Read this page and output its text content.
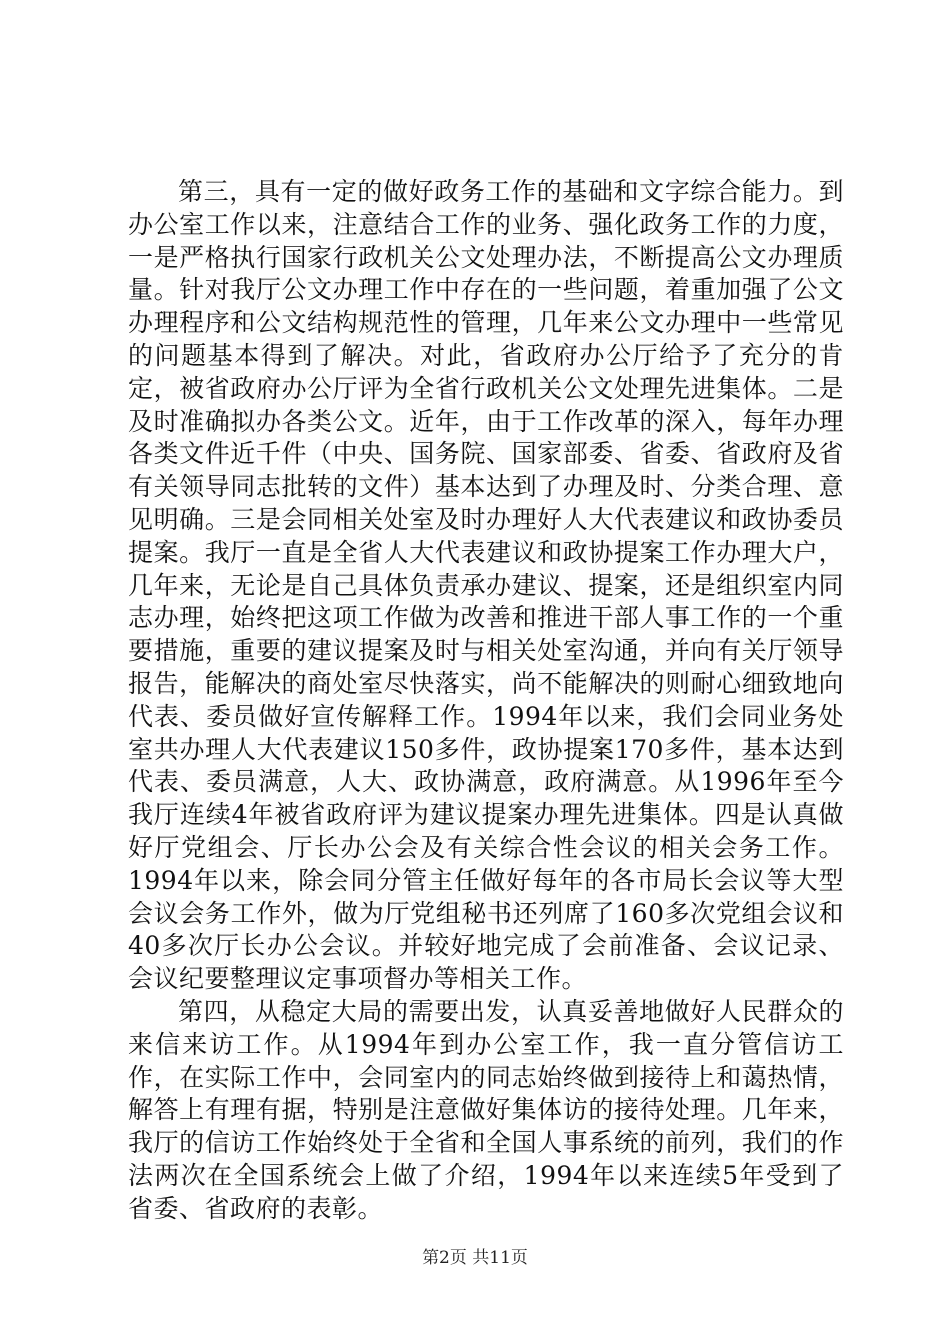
第三，具有一定的做好政务工作的基础和文字综合能力。到办公室工作以来，注意结合工作的业务、强化政务工作的力度，一是严格执行国家行政机关公文处理办法，不断提高公文办理质量。针对我厅公文办理工作中存在的一些问题，着重加强了公文办理程序和公文结构规范性的管理，几年来公文办理中一些常见的问题基本得到了解决。对此，省政府办公厅给予了充分的肯定，被省政府办公厅评为全省行政机关公文处理先进集体。二是及时准确拟办各类公文。近年，由于工作改革的深入，每年办理各类文件近千件（中央、国务院、国家部委、省委、省政府及省有关领导同志批转的文件）基本达到了办理及时、分类合理、意见明确。三是会同相关处室及时办理好人大代表建议和政协委员提案。我厅一直是全省人大代表建议和政协提案工作办理大户，几年来，无论是自己具体负责承办建议、提案，还是组织室内同志办理，始终把这项工作做为改善和推进干部人事工作的一个重要措施，重要的建议提案及时与相关处室沟通，并向有关厅领导报告，能解决的商处室尽快落实，尚不能解决的则耐心细致地向代表、委员做好宣传解释工作。1994年以来，我们会同业务处室共办理人大代表建议150多件，政协提案170多件，基本达到代表、委员满意，人大、政协满意，政府满意。从1996年至今我厅连续4年被省政府评为建议提案办理先进集体。四是认真做好厅党组会、厅长办公会及有关综合性会议的相关会务工作。1994年以来，除会同分管主任做好每年的各市局长会议等大型会议会务工作外，做为厅党组秘书还列席了160多次党组会议和40多次厅长办公会议。并较好地完成了会前准备、会议记录、会议纪要整理议定事项督办等相关工作。

第四，从稳定大局的需要出发，认真妥善地做好人民群众的来信来访工作。从1994年到办公室工作，我一直分管信访工作，在实际工作中，会同室内的同志始终做到接待上和蔼热情，解答上有理有据，特别是注意做好集体访的接待处理。几年来，我厅的信访工作始终处于全省和全国人事系统的前列，我们的作法两次在全国系统会上做了介绍，1994年以来连续5年受到了省委、省政府的表彰。

第2页 共11页
